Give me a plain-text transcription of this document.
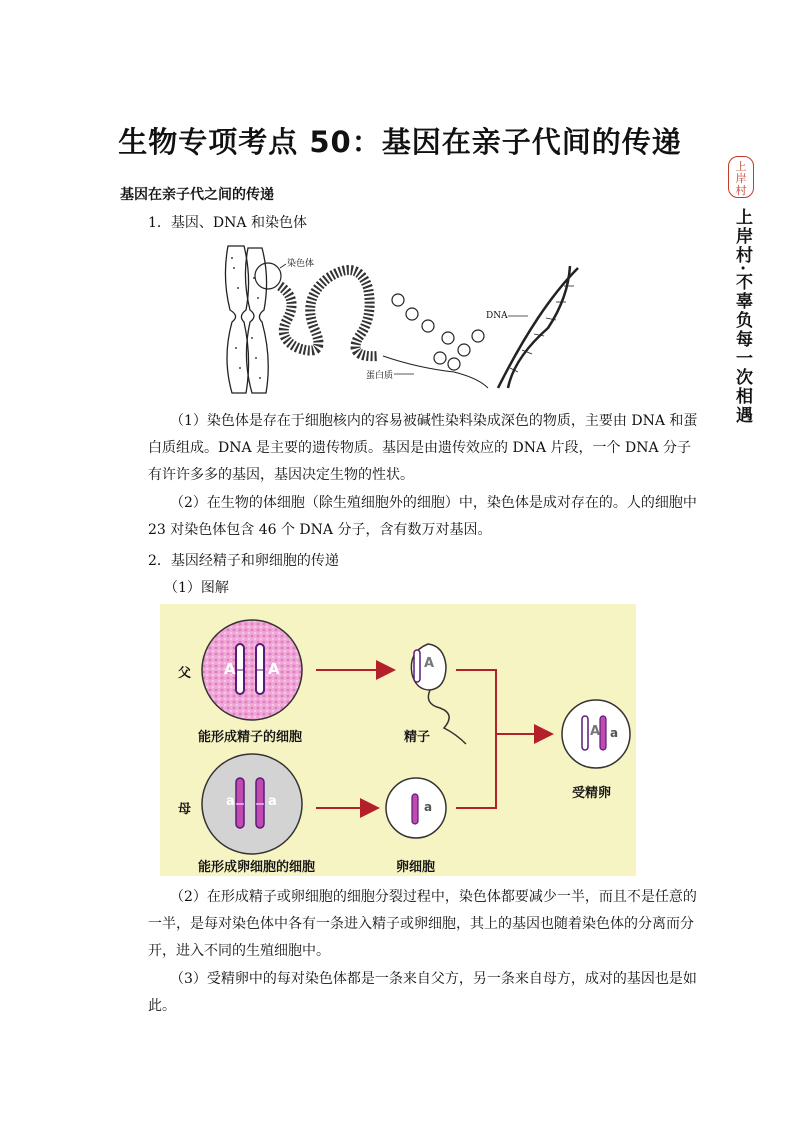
生物专项考点 50：基因在亲子代间的传递
上
岸
村
上岸村·不辜负每一次相遇
基因在亲子代之间的传递
1．基因、DNA 和染色体
染色体
DNA
蛋白质
（1）染色体是存在于细胞核内的容易被碱性染料染成深色的物质，主要由 DNA 和蛋白质组成。DNA 是主要的遗传物质。基因是由遗传效应的 DNA 片段，一个 DNA 分子有许许多多的基因，基因决定生物的性状。
（2）在生物的体细胞（除生殖细胞外的细胞）中，染色体是成对存在的。人的细胞中 23 对染色体包含 46 个 DNA 分子，含有数万对基因。
2．基因经精子和卵细胞的传递
（1）图解
父
母
A A
a	a
A
a
A a
能形成精子的细胞	精子
受精卵
能形成卵细胞的细胞	卵细胞
（2）在形成精子或卵细胞的细胞分裂过程中，染色体都要减少一半，而且不是任意的一半，是每对染色体中各有一条进入精子或卵细胞，其上的基因也随着染色体的分离而分开，进入不同的生殖细胞中。
（3）受精卵中的每对染色体都是一条来自父方，另一条来自母方，成对的基因也是如此。
